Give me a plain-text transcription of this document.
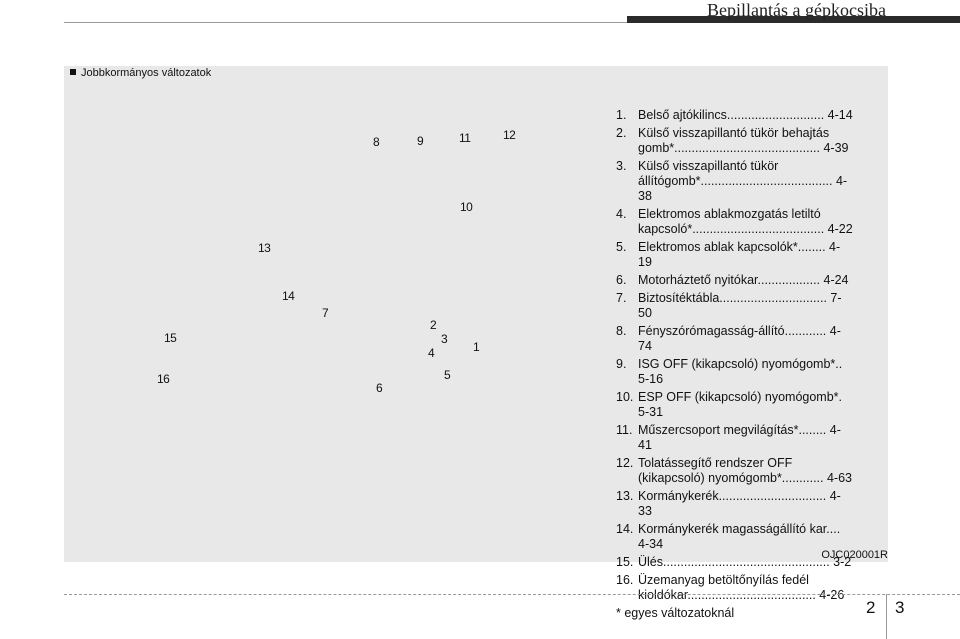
Bepillantás a gépkocsiba
Jobbkormányos változatok
8	9	11	12
10
13
14
7
15
2
3
4	1
16
6
5
1. Belső ajtókilincs............................ 4-14
2. Külső visszapillantó tükör behajtás gomb*.......................................... 4-39
3. Külső visszapillantó tükör állítógomb*...................................... 4-38
4. Elektromos ablakmozgatás letiltó kapcsoló*...................................... 4-22
5. Elektromos ablak kapcsolók*........ 4-19
6. Motorháztető nyitókar.................. 4-24
7. Biztosítéktábla............................... 7-50
8. Fényszórómagasság-állító............ 4-74
9. ISG OFF (kikapcsoló) nyomógomb*.. 5-16
10. ESP OFF (kikapcsoló) nyomógomb*. 5-31
11. Műszercsoport megvilágítás*........ 4-41
12. Tolatássegítő rendszer OFF (kikapcsoló) nyomógomb*............ 4-63
13. Kormánykerék............................... 4-33
14. Kormánykerék magasságállító kar.... 4-34
15. Ülés................................................ 3-2
16. Üzemanyag betöltőnyílás fedél kioldókar..................................... 4-26
* egyes változatoknál
OJC020001R
2 3
